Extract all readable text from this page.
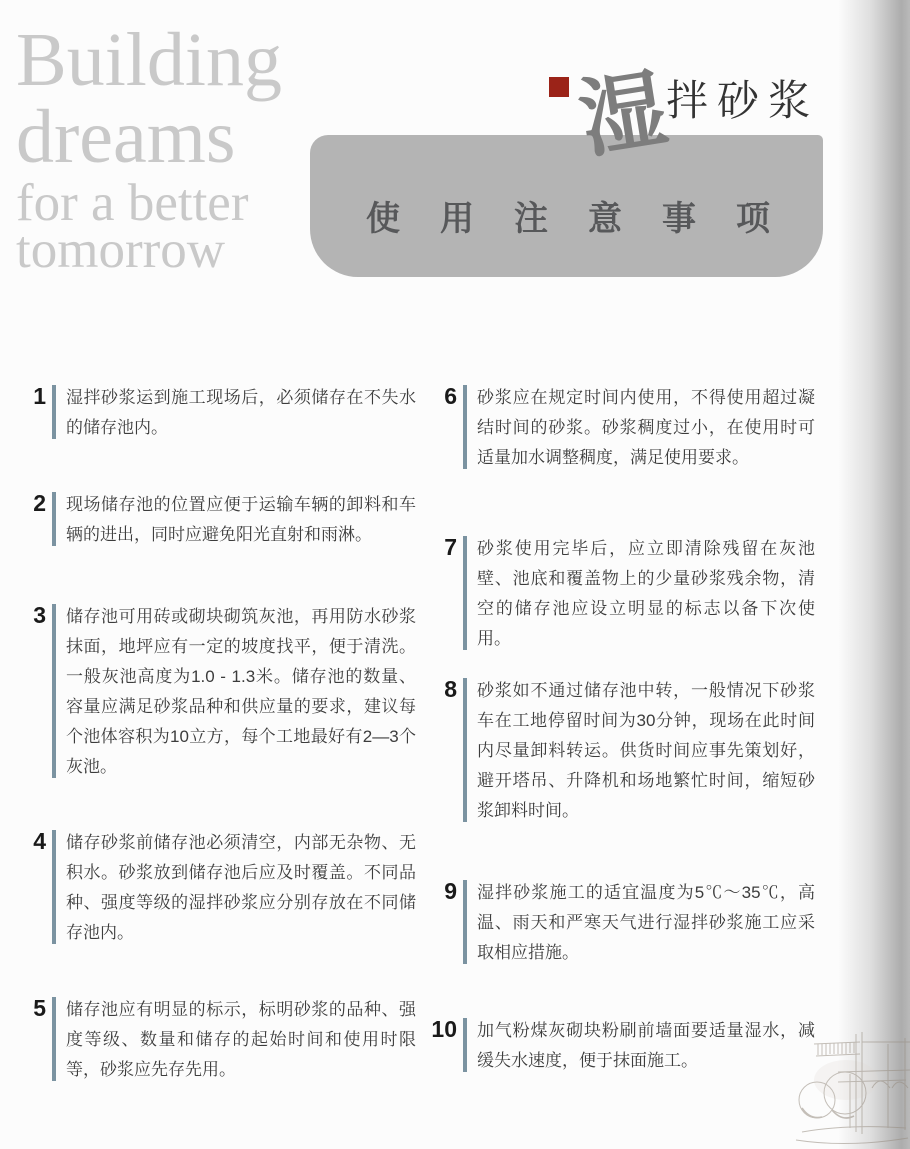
Building
dreams
for a better
tomorrow
湿
拌砂浆
使用注意事项
1 湿拌砂浆运到施工现场后，必须储存在不失水的储存池内。

2 现场储存池的位置应便于运输车辆的卸料和车辆的进出，同时应避免阳光直射和雨淋。

3 储存池可用砖或砌块砌筑灰池，再用防水砂浆抹面，地坪应有一定的坡度找平，便于清洗。一般灰池高度为1.0 - 1.3米。储存池的数量、容量应满足砂浆品种和供应量的要求，建议每个池体容积为10立方，每个工地最好有2—3个灰池。

4 储存砂浆前储存池必须清空，内部无杂物、无积水。砂浆放到储存池后应及时覆盖。不同品种、强度等级的湿拌砂浆应分别存放在不同储存池内。

5 储存池应有明显的标示，标明砂浆的品种、强度等级、数量和储存的起始时间和使用时限等，砂浆应先存先用。

6 砂浆应在规定时间内使用，不得使用超过凝结时间的砂浆。砂浆稠度过小，在使用时可适量加水调整稠度，满足使用要求。

7 砂浆使用完毕后，应立即清除残留在灰池壁、池底和覆盖物上的少量砂浆残余物，清空的储存池应设立明显的标志以备下次使用。

8 砂浆如不通过储存池中转，一般情况下砂浆车在工地停留时间为30分钟，现场在此时间内尽量卸料转运。供货时间应事先策划好，避开塔吊、升降机和场地繁忙时间，缩短砂浆卸料时间。

9 湿拌砂浆施工的适宜温度为5℃～35℃，高温、雨天和严寒天气进行湿拌砂浆施工应采取相应措施。

10 加气粉煤灰砌块粉刷前墙面要适量湿水，减缓失水速度，便于抹面施工。
